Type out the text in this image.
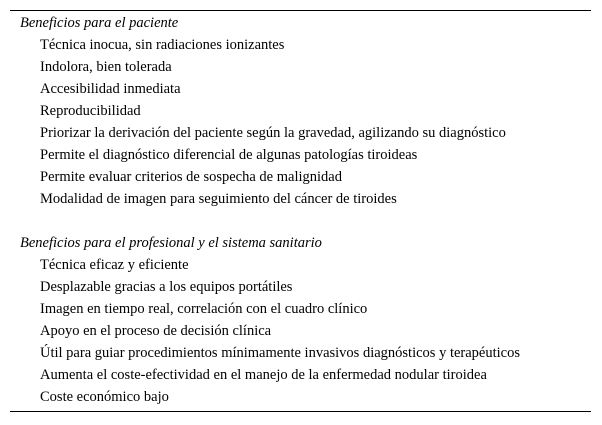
Beneficios para el paciente
Técnica inocua, sin radiaciones ionizantes
Indolora, bien tolerada
Accesibilidad inmediata
Reproducibilidad
Priorizar la derivación del paciente según la gravedad, agilizando su diagnóstico
Permite el diagnóstico diferencial de algunas patologías tiroideas
Permite evaluar criterios de sospecha de malignidad
Modalidad de imagen para seguimiento del cáncer de tiroides
Beneficios para el profesional y el sistema sanitario
Técnica eficaz y eficiente
Desplazable gracias a los equipos portátiles
Imagen en tiempo real, correlación con el cuadro clínico
Apoyo en el proceso de decisión clínica
Útil para guiar procedimientos mínimamente invasivos diagnósticos y terapéuticos
Aumenta el coste-efectividad en el manejo de la enfermedad nodular tiroidea
Coste económico bajo
